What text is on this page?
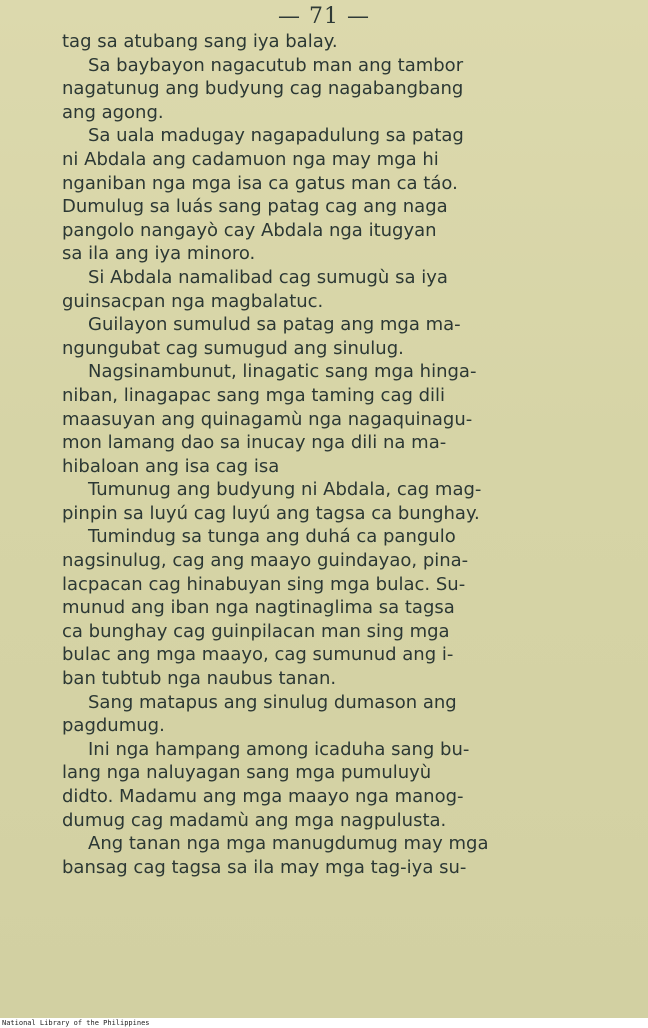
— 71 —
tag sa atubang sang iya balay.
Sa baybayon nagacutub man ang tambor
nagatunug ang budyung cag nagabangbang
ang agong.
Sa uala madugay nagapadulung sa patag
ni Abdala ang cadamuon nga may mga hi
nganiban nga mga isa ca gatus man ca táo.
Dumulug sa luás sang patag cag ang naga
pangolo nangayò cay Abdala nga itugyan
sa ila ang iya minoro.
Si Abdala namalibad cag sumugù sa iya
guinsacpan nga magbalatuc.
Guilayon sumulud sa patag ang mga ma-
ngungubat cag sumugud ang sinulug.
Nagsinambunut, linagatic sang mga hinga-
niban, linagapac sang mga taming cag dili
maasuyan ang quinagamù nga nagaquinagu-
mon lamang dao sa inucay nga dili na ma-
hibaloan ang isa cag isa
Tumunug ang budyung ni Abdala, cag mag-
pinpin sa luyú cag luyú ang tagsa ca bunghay.
Tumindug sa tunga ang duhá ca pangulo
nagsinulug, cag ang maayo guindayao, pina-
lacpacan cag hinabuyan sing mga bulac. Su-
munud ang iban nga nagtinaglima sa tagsa
ca bunghay cag guinpilacan man sing mga
bulac ang mga maayo, cag sumunud ang i-
ban tubtub nga naubus tanan.
Sang matapus ang sinulug dumason ang
pagdumug.
Ini nga hampang among icaduha sang bu-
lang nga naluyagan sang mga pumuluyù
didto. Madamu ang mga maayo nga manog-
dumug cag madamù ang mga nagpulusta.
Ang tanan nga mga manugdumug may mga
bansag cag tagsa sa ila may mga tag-iya su-
National Library of the Philippines
